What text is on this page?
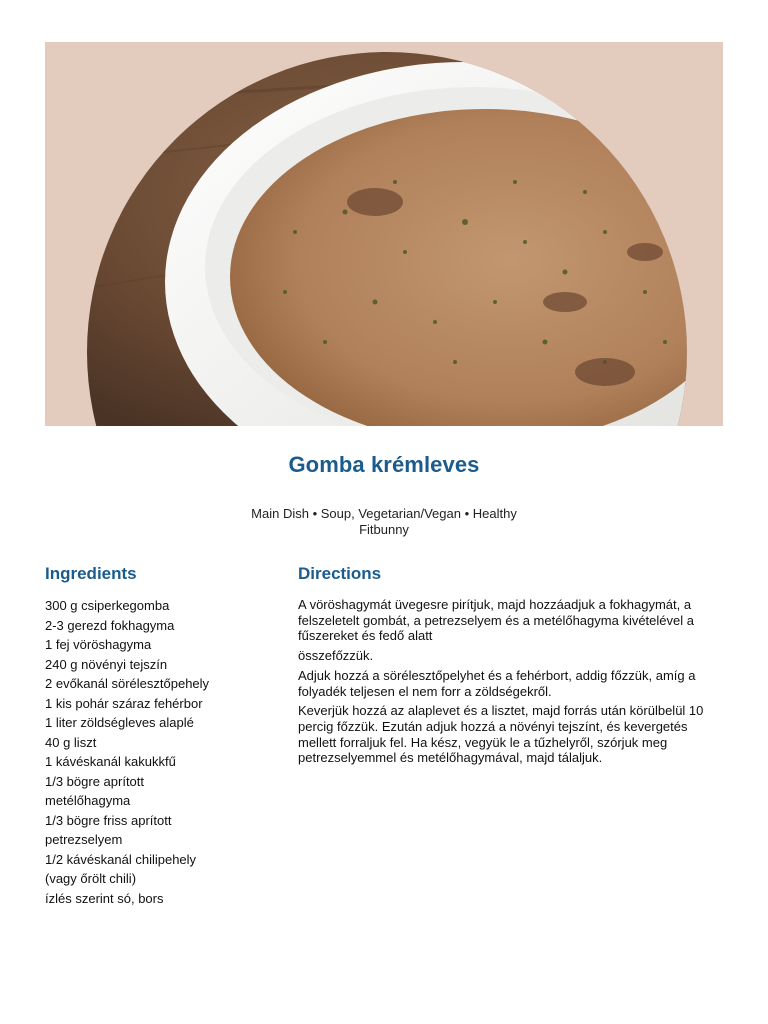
Gomba krémleves
Main Dish • Soup, Vegetarian/Vegan • Healthy
Fitbunny
Ingredients	Directions
300 g csiperkegomba
2-3 gerezd fokhagyma
1 fej vöröshagyma
240 g növényi tejszín
2 evőkanál sörélesztőpehely
1 kis pohár száraz fehérbor
1 liter zöldségleves alaplé
40 g liszt
1 kávéskanál kakukkfű
1/3 bögre aprított
metélőhagyma
1/3 bögre friss aprított
petrezselyem
1/2 kávéskanál chilipehely
(vagy őrölt chili)
ízlés szerint só, bors

A vöröshagymát üvegesre pirítjuk, majd hozzáadjuk a fokhagymát, a felszeletelt gombát, a petrezselyem és a metélőhagyma kivételével a fűszereket és fedő alatt

összefőzzük.

Adjuk hozzá a sörélesztőpelyhet és a fehérbort, addig főzzük, amíg a folyadék teljesen el nem forr a zöldségekről.

Keverjük hozzá az alaplevet és a lisztet, majd forrás után körülbelül 10 percig főzzük. Ezután adjuk hozzá a növényi tejszínt, és kevergetés mellett forraljuk fel. Ha kész, vegyük le a tűzhelyről, szórjuk meg petrezselyemmel és metélőhagymával, majd tálaljuk.
